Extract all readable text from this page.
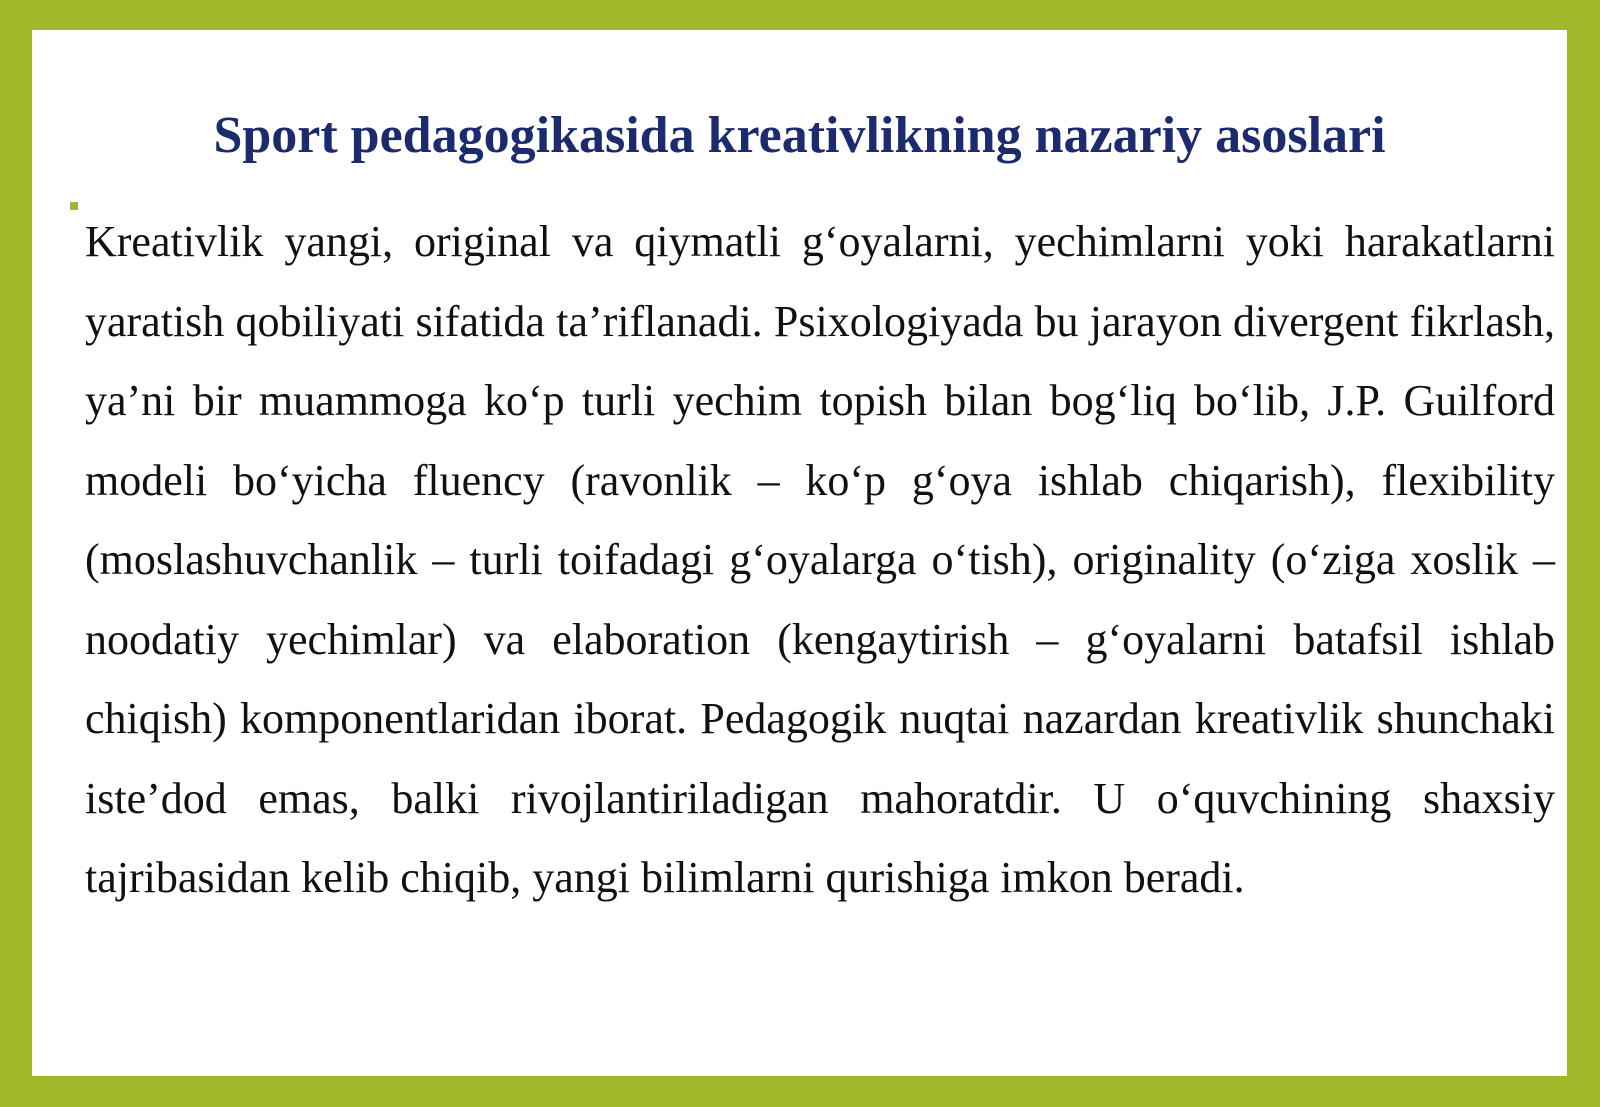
Sport pedagogikasida kreativlikning nazariy asoslari

Kreativlik yangi, original va qiymatli g‘oyalarni, yechimlarni yoki harakatlarni yaratish qobiliyati sifatida ta’riflanadi. Psixologiyada bu jarayon divergent fikrlash, ya’ni bir muammoga ko‘p turli yechim topish bilan bog‘liq bo‘lib, J.P. Guilford modeli bo‘yicha fluency (ravonlik – ko‘p g‘oya ishlab chiqarish), flexibility (moslashuvchanlik – turli toifadagi g‘oyalarga o‘tish), originality (o‘ziga xoslik – noodatiy yechimlar) va elaboration (kengaytirish – g‘oyalarni batafsil ishlab chiqish) komponentlaridan iborat. Pedagogik nuqtai nazardan kreativlik shunchaki iste’dod emas, balki rivojlantiriladigan mahoratdir. U o‘quvchining shaxsiy tajribasidan kelib chiqib, yangi bilimlarni qurishiga imkon beradi.
